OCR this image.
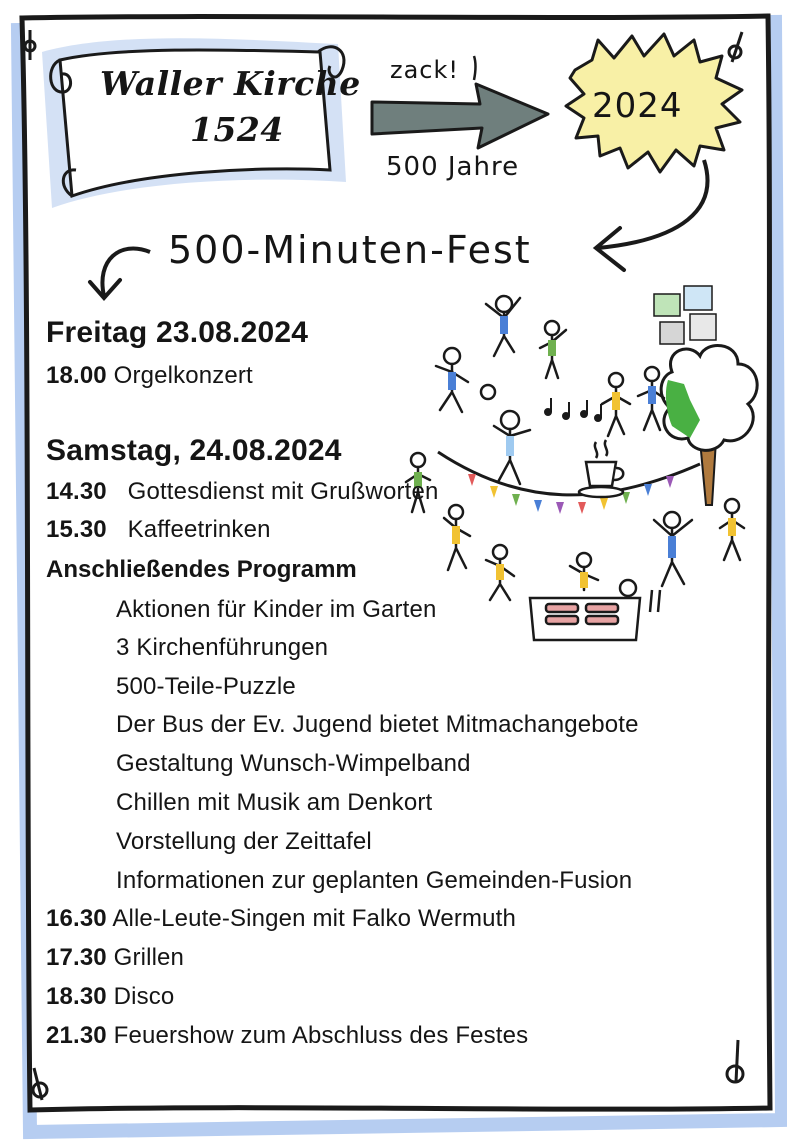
Waller Kirche
1524
zack!
500 Jahre
2024
500-Minuten-Fest
Freitag 23.08.2024
18.00 Orgelkonzert
Samstag, 24.08.2024
14.30 Gottesdienst mit Grußworten
15.30 Kaffeetrinken
Anschließendes Programm
Aktionen für Kinder im Garten
3 Kirchenführungen
500-Teile-Puzzle
Der Bus der Ev. Jugend bietet Mitmachangebote
Gestaltung Wunsch-Wimpelband
Chillen mit Musik am Denkort
Vorstellung der Zeittafel
Informationen zur geplanten Gemeinden-Fusion
16.30 Alle-Leute-Singen mit Falko Wermuth
17.30 Grillen
18.30 Disco
21.30 Feuershow zum Abschluss des Festes
